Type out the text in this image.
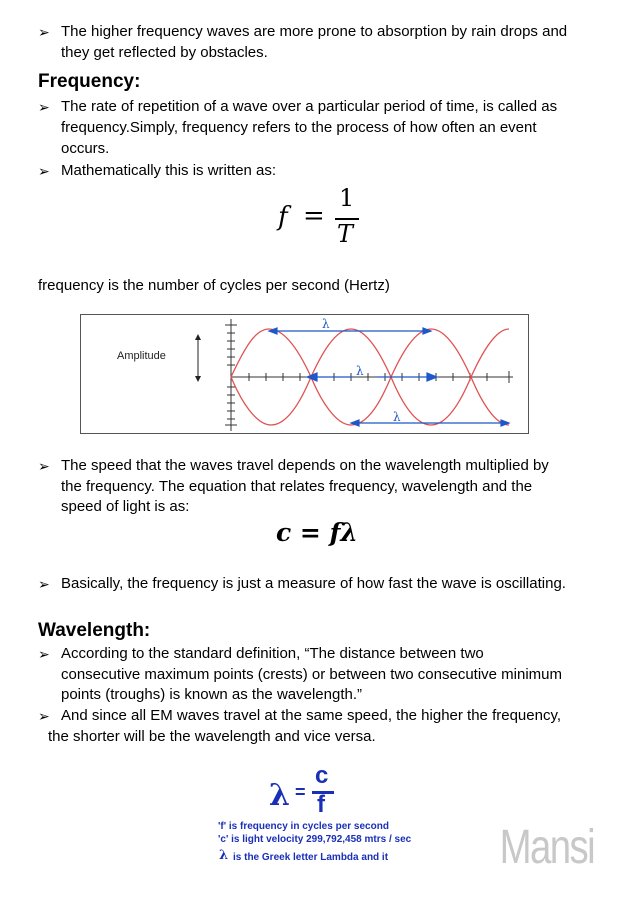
➢ The higher frequency waves are more prone to absorption by rain drops and
they get reflected by obstacles.
Frequency:
➢ The rate of repetition of a wave over a particular period of time, is called as
frequency.Simply, frequency refers to the process of how often an event
occurs.
➢ Mathematically this is written as:
f =
1
T
frequency is the number of cycles per second (Hertz)
Amplitude
λ
λ
λ
➢ The speed that the waves travel depends on the wavelength multiplied by
the frequency. The equation that relates frequency, wavelength and the
speed of light is as:
c = fλ
➢ Basically, the frequency is just a measure of how fast the wave is oscillating.
Wavelength:
➢ According to the standard definition, “The distance between two
consecutive maximum points (crests) or between two consecutive minimum
points (troughs) is known as the wavelength.”
➢ And since all EM waves travel at the same speed, the higher the frequency,
the shorter will be the wavelength and vice versa.
λ =
c
f
'f' is frequency in cycles per second
'c' is light velocity 299,792,458 mtrs / sec
λ is the Greek letter Lambda and it Mansi
